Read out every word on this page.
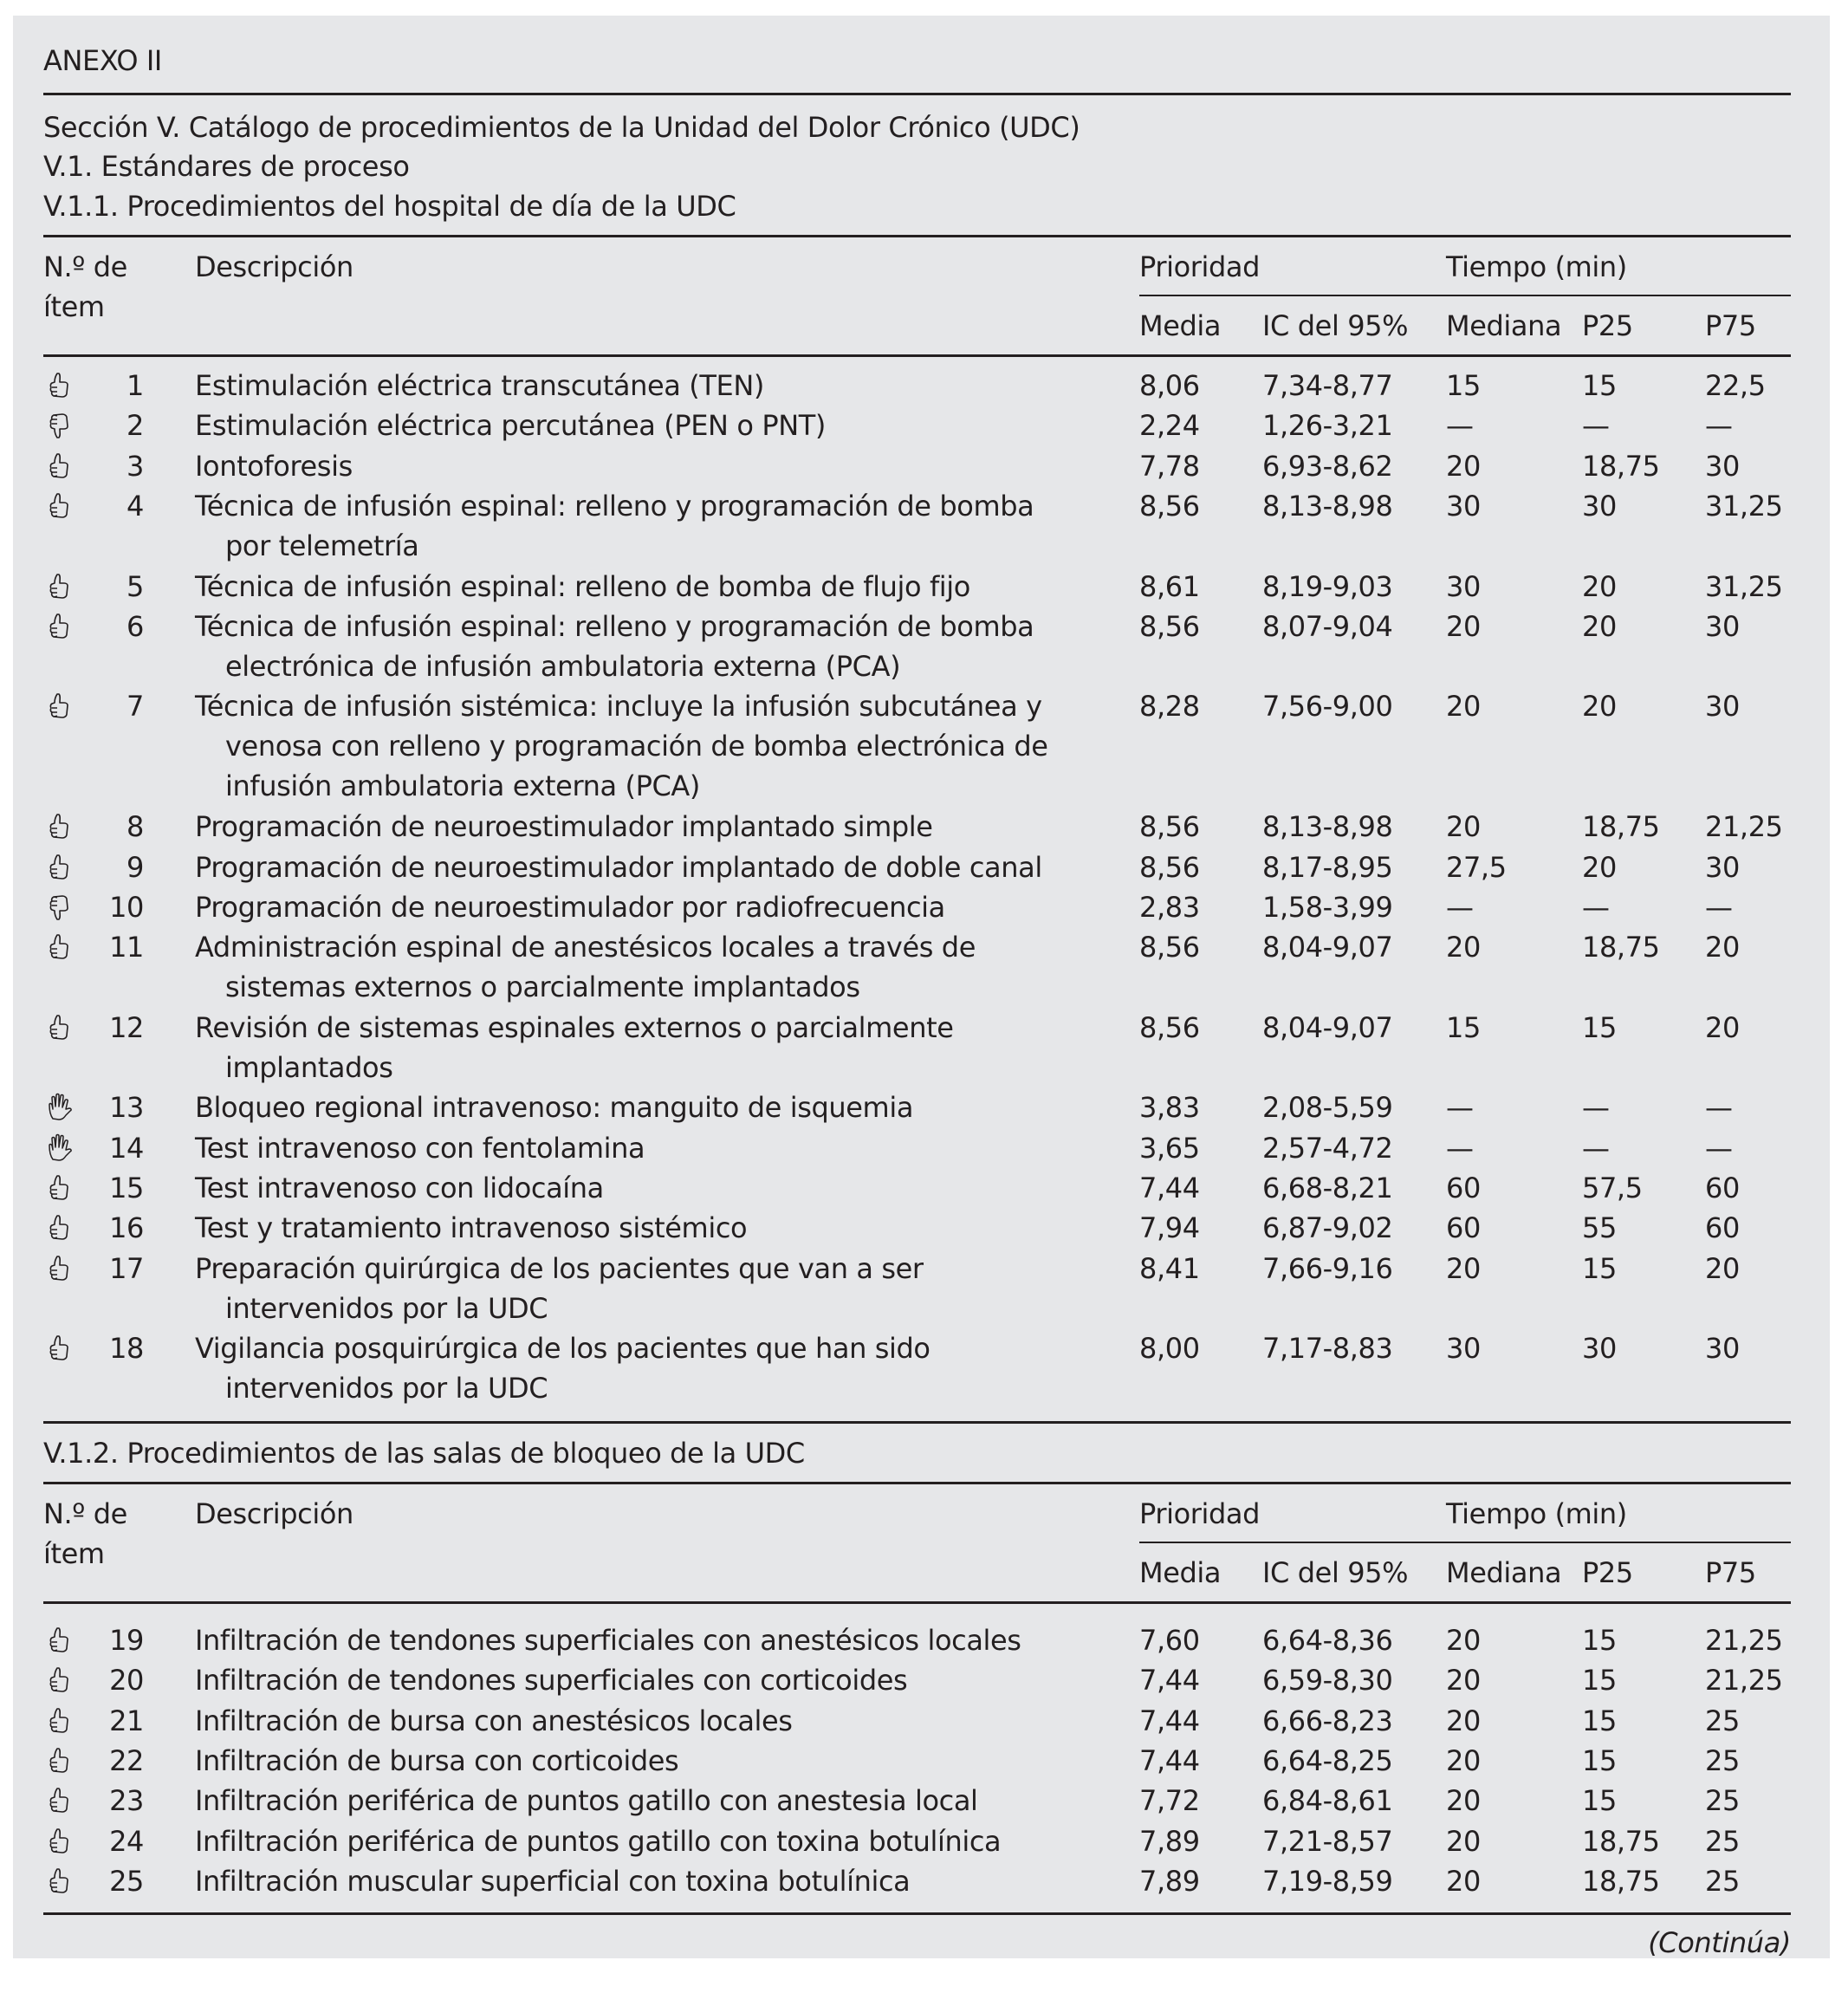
ANEXO II
Sección V. Catálogo de procedimientos de la Unidad del Dolor Crónico (UDC)
V.1. Estándares de proceso
V.1.1. Procedimientos del hospital de día de la UDC
N.º de
ítem
Descripción	Prioridad	Tiempo (min)
Media IC del 95% Mediana P25	P75
1 Estimulación eléctrica transcutánea (TEN)	8,06 7,34-8,77 15	15	22,5
2 Estimulación eléctrica percutánea (PEN o PNT)	2,24 1,26-3,21 —	—	—
3 Iontoforesis	7,78 6,93-8,62 20	18,75 30
4 Técnica de infusión espinal: relleno y programación de bomba
por telemetría
8,56 8,13-8,98 30	30	31,25
5 Técnica de infusión espinal: relleno de bomba de flujo fijo	8,61 8,19-9,03 30	20	31,25
6 Técnica de infusión espinal: relleno y programación de bomba
electrónica de infusión ambulatoria externa (PCA)
8,56 8,07-9,04 20	20	30
7 Técnica de infusión sistémica: incluye la infusión subcutánea y
venosa con relleno y programación de bomba electrónica de
infusión ambulatoria externa (PCA)
8,28 7,56-9,00 20	20	30
8 Programación de neuroestimulador implantado simple	8,56 8,13-8,98 20	18,75 21,25
9 Programación de neuroestimulador implantado de doble canal	8,56 8,17-8,95 27,5	20	30
10 Programación de neuroestimulador por radiofrecuencia	2,83 1,58-3,99 —	—	—
11 Administración espinal de anestésicos locales a través de
sistemas externos o parcialmente implantados
8,56 8,04-9,07 20	18,75 20
12 Revisión de sistemas espinales externos o parcialmente
implantados
8,56 8,04-9,07 15	15	20
13 Bloqueo regional intravenoso: manguito de isquemia	3,83 2,08-5,59 —	—	—
14 Test intravenoso con fentolamina	3,65 2,57-4,72 —	—	—
15 Test intravenoso con lidocaína	7,44 6,68-8,21 60	57,5 60
16 Test y tratamiento intravenoso sistémico	7,94 6,87-9,02 60	55	60
17 Preparación quirúrgica de los pacientes que van a ser
intervenidos por la UDC
8,41 7,66-9,16 20	15	20
18 Vigilancia posquirúrgica de los pacientes que han sido
intervenidos por la UDC
8,00 7,17-8,83 30	30	30
V.1.2. Procedimientos de las salas de bloqueo de la UDC
N.º de
ítem
Descripción	Prioridad	Tiempo (min)
Media IC del 95% Mediana P25	P75
19 Infiltración de tendones superficiales con anestésicos locales	7,60 6,64-8,36 20	15	21,25
20 Infiltración de tendones superficiales con corticoides	7,44 6,59-8,30 20	15	21,25
21 Infiltración de bursa con anestésicos locales	7,44 6,66-8,23 20	15	25
22 Infiltración de bursa con corticoides	7,44 6,64-8,25 20	15	25
23 Infiltración periférica de puntos gatillo con anestesia local	7,72 6,84-8,61 20	15	25
24 Infiltración periférica de puntos gatillo con toxina botulínica	7,89 7,21-8,57 20	18,75 25
25 Infiltración muscular superficial con toxina botulínica	7,89 7,19-8,59 20	18,75 25
(Continúa)
